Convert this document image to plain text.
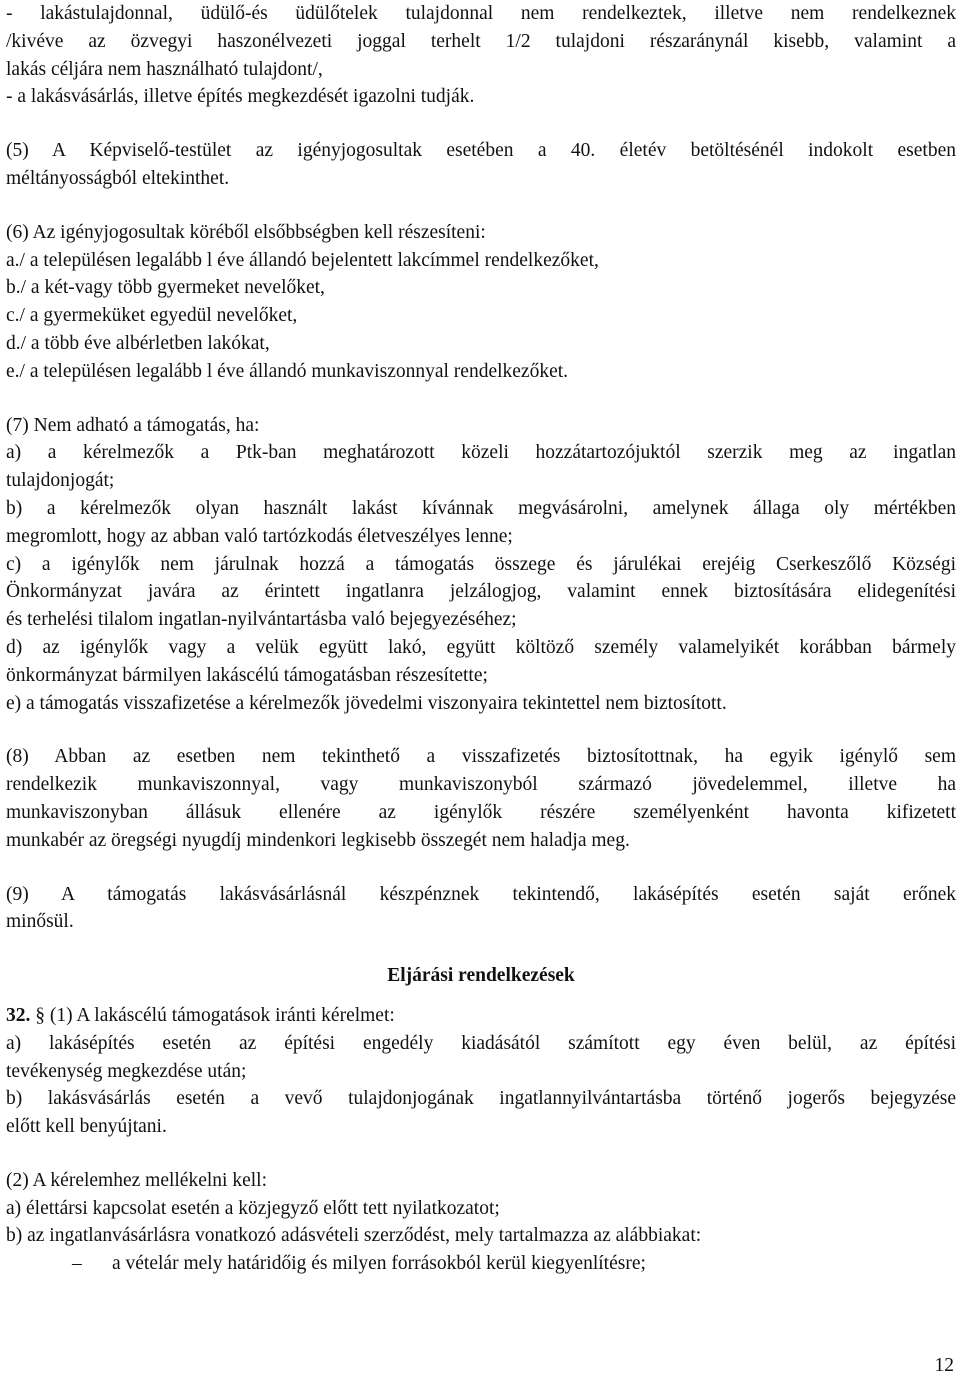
- lakástulajdonnal, üdülő-és üdülőtelek tulajdonnal nem rendelkeztek, illetve nem rendelkeznek
/kivéve az özvegyi haszonélvezeti joggal terhelt 1/2 tulajdoni részaránynál kisebb, valamint a
lakás céljára nem használható tulajdont/,
- a lakásvásárlás, illetve építés megkezdését igazolni tudják.
(5) A Képviselő-testület az igényjogosultak esetében a 40. életév betöltésénél indokolt esetben
méltányosságból eltekinthet.
(6) Az igényjogosultak köréből elsőbbségben kell részesíteni:
a./ a településen legalább l éve állandó bejelentett lakcímmel rendelkezőket,
b./ a két-vagy több gyermeket nevelőket,
c./ a gyermeküket egyedül nevelőket,
d./ a több éve albérletben lakókat,
e./ a településen legalább l éve állandó munkaviszonnyal rendelkezőket.
(7) Nem adható a támogatás, ha:
a) a kérelmezők a Ptk-ban meghatározott közeli hozzátartozójuktól szerzik meg az ingatlan
tulajdonjogát;
b) a kérelmezők olyan használt lakást kívánnak megvásárolni, amelynek állaga oly mértékben
megromlott, hogy az abban való tartózkodás életveszélyes lenne;
c) a igénylők nem járulnak hozzá a támogatás összege és járulékai erejéig Cserkeszőlő Községi
Önkormányzat javára az érintett ingatlanra jelzálogjog, valamint ennek biztosítására elidegenítési
és terhelési tilalom ingatlan-nyilvántartásba való bejegyezéséhez;
d) az igénylők vagy a velük együtt lakó, együtt költöző személy valamelyikét korábban bármely
önkormányzat bármilyen lakáscélú támogatásban részesítette;
e) a támogatás visszafizetése a kérelmezők jövedelmi viszonyaira tekintettel nem biztosított.
(8) Abban az esetben nem tekinthető a visszafizetés biztosítottnak, ha egyik igénylő sem
rendelkezik munkaviszonnyal, vagy munkaviszonyból származó jövedelemmel, illetve ha
munkaviszonyban állásuk ellenére az igénylők részére személyenként havonta kifizetett
munkabér az öregségi nyugdíj mindenkori legkisebb összegét nem haladja meg.
(9) A támogatás lakásvásárlásnál készpénznek tekintendő, lakásépítés esetén saját erőnek
minősül.
Eljárási rendelkezések
32. § (1) A lakáscélú támogatások iránti kérelmet:
a) lakásépítés esetén az építési engedély kiadásától számított egy éven belül, az építési
tevékenység megkezdése után;
b) lakásvásárlás esetén a vevő tulajdonjogának ingatlannyilvántartásba történő jogerős bejegyzése
előtt kell benyújtani.
(2) A kérelemhez mellékelni kell:
a) élettársi kapcsolat esetén a közjegyző előtt tett nyilatkozatot;
b) az ingatlanvásárlásra vonatkozó adásvételi szerződést, mely tartalmazza az alábbiakat:
– a vételár mely határidőig és milyen forrásokból kerül kiegyenlítésre;
12
